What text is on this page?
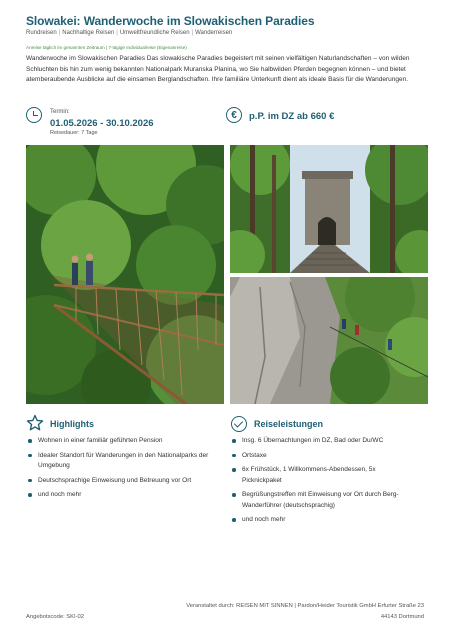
Slowakei: Wanderwoche im Slowakischen Paradies
Rundreisen | Nachhaltige Reisen | Umweltfreundliche Reisen | Wanderreisen
Anreise täglich im genannten Zeitraum | 7-tägige Individualreise (Eigenanreise)

Wanderwoche im Slowakischen Paradies Das slowakische Paradies begeistert mit seinen vielfältigen Naturlandschaften – von wilden Schluchten bis hin zum wenig bekannten Nationalpark Muranska Planina, wo Sie halbwilden Pferden begegnen können – und bietet atemberaubende Ausblicke auf die einsamen Berglandschaften. Ihre familiäre Unterkunft dient als ideale Basis für die Wanderungen.

Termin:
01.05.2026 - 30.10.2026
Reisedauer: 7 Tage
€	p.P. im DZ ab 660 €
Highlights
Wohnen in einer familiär geführten Pension
Idealer Standort für Wanderungen in den Nationalparks der Umgebung
Deutschsprachige Einweisung und Betreuung vor Ort
und noch mehr
Reiseleistungen
Insg. 6 Übernachtungen im DZ, Bad oder Du/WC
Ortstaxe
6x Frühstück, 1 Willkommens-Abendessen, 5x Picknickpaket
Begrüßungstreffen mit Einweisung vor Ort durch Berg-Wanderführer (deutschsprachig)
und noch mehr
Veranstaltet durch: REISEN MIT SINNEN | Pardon/Heider Touristik GmbH Erfurter Straße 23
44143 Dortmund
Angebotscode: SKI-02
